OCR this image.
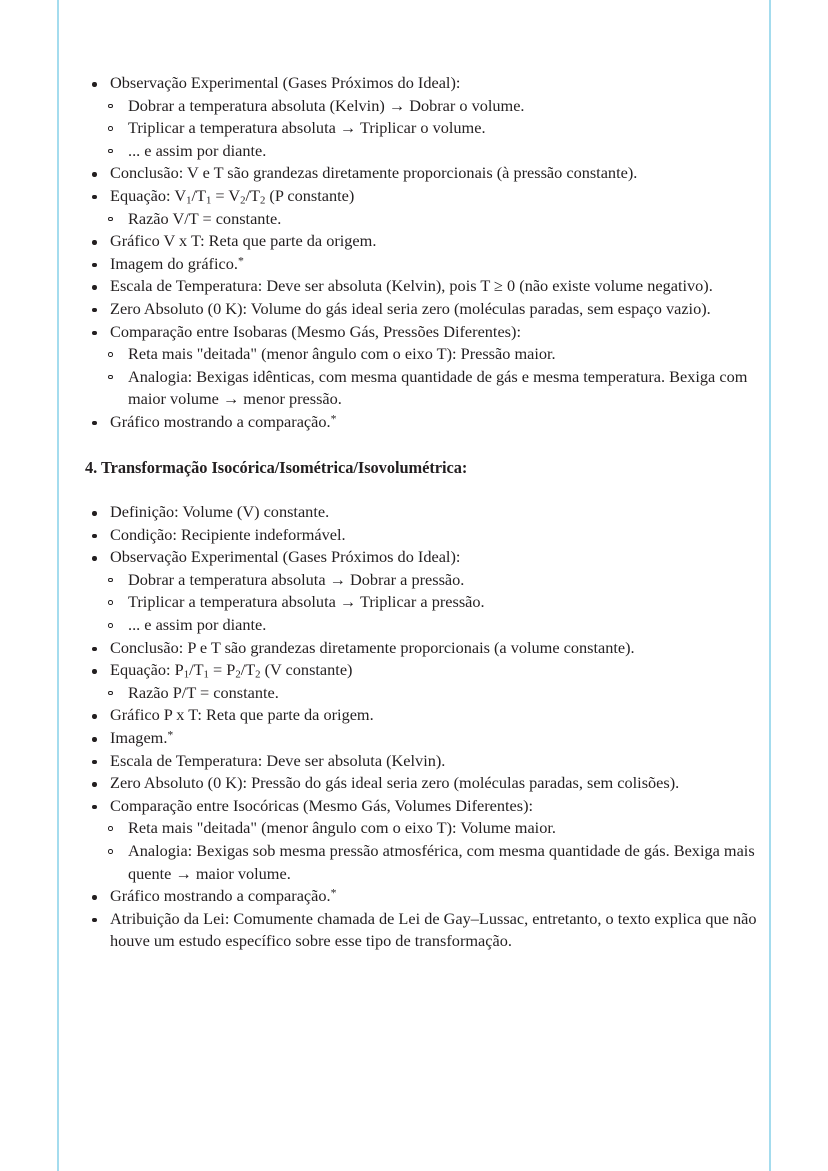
Observação Experimental (Gases Próximos do Ideal):
Dobrar a temperatura absoluta (Kelvin) → Dobrar o volume.
Triplicar a temperatura absoluta → Triplicar o volume.
... e assim por diante.
Conclusão: V e T são grandezas diretamente proporcionais (à pressão constante).
Equação: $V_1/T_1 = V_2/T_2$ (P constante)
Razão V/T = constante.
Gráfico V x T: Reta que parte da origem.
Imagem do gráfico.*
Escala de Temperatura: Deve ser absoluta (Kelvin), pois T ≥ 0 (não existe volume negativo).
Zero Absoluto (0 K): Volume do gás ideal seria zero (moléculas paradas, sem espaço vazio).
Comparação entre Isobaras (Mesmo Gás, Pressões Diferentes):
Reta mais "deitada" (menor ângulo com o eixo T): Pressão maior.
Analogia: Bexigas idênticas, com mesma quantidade de gás e mesma temperatura. Bexiga com maior volume → menor pressão.
Gráfico mostrando a comparação.*
4. Transformação Isocórica/Isométrica/Isovolumétrica:
Definição: Volume (V) constante.
Condição: Recipiente indeformável.
Observação Experimental (Gases Próximos do Ideal):
Dobrar a temperatura absoluta → Dobrar a pressão.
Triplicar a temperatura absoluta → Triplicar a pressão.
... e assim por diante.
Conclusão: P e T são grandezas diretamente proporcionais (a volume constante).
Equação: $P_1/T_1 = P_2/T_2$ (V constante)
Razão P/T = constante.
Gráfico P x T: Reta que parte da origem.
Imagem.*
Escala de Temperatura: Deve ser absoluta (Kelvin).
Zero Absoluto (0 K): Pressão do gás ideal seria zero (moléculas paradas, sem colisões).
Comparação entre Isocóricas (Mesmo Gás, Volumes Diferentes):
Reta mais "deitada" (menor ângulo com o eixo T): Volume maior.
Analogia: Bexigas sob mesma pressão atmosférica, com mesma quantidade de gás. Bexiga mais quente → maior volume.
Gráfico mostrando a comparação.*
Atribuição da Lei: Comumente chamada de Lei de Gay–Lussac, entretanto, o texto explica que não houve um estudo específico sobre esse tipo de transformação.
